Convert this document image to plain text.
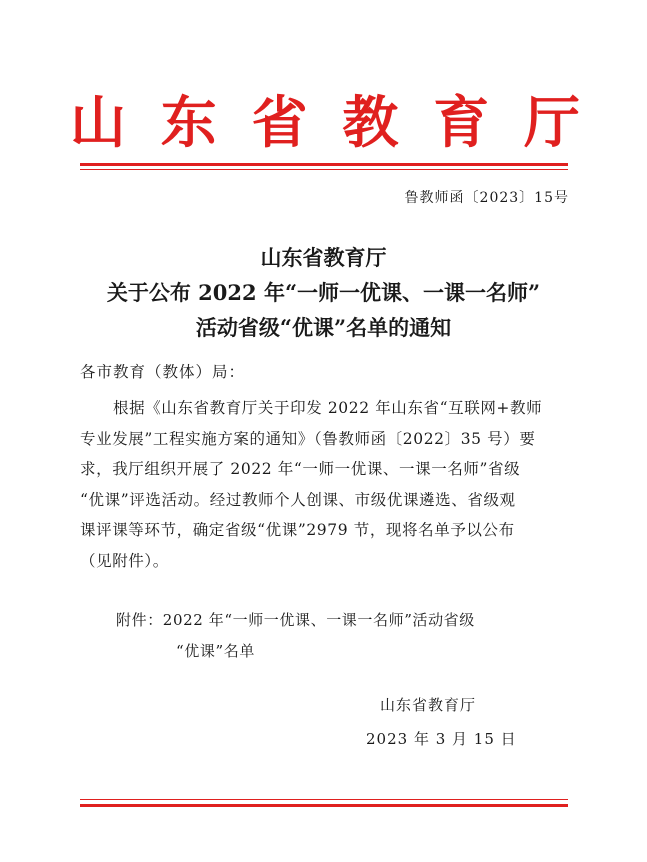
山 东 省 教 育 厅
鲁教师函〔2023〕15号
山东省教育厅
关于公布 2022 年“一师一优课、一课一名师”
活动省级“优课”名单的通知
各市教育（教体）局：
根据《山东省教育厅关于印发 2022 年山东省“互联网+教师
专业发展”工程实施方案的通知》（鲁教师函〔2022〕35 号）要
求，我厅组织开展了 2022 年“一师一优课、一课一名师”省级
“优课”评选活动。经过教师个人创课、市级优课遴选、省级观
课评课等环节，确定省级“优课”2979 节，现将名单予以公布
（见附件）。
附件：2022 年“一师一优课、一课一名师”活动省级
“优课”名单
山东省教育厅
2023 年 3 月 15 日
